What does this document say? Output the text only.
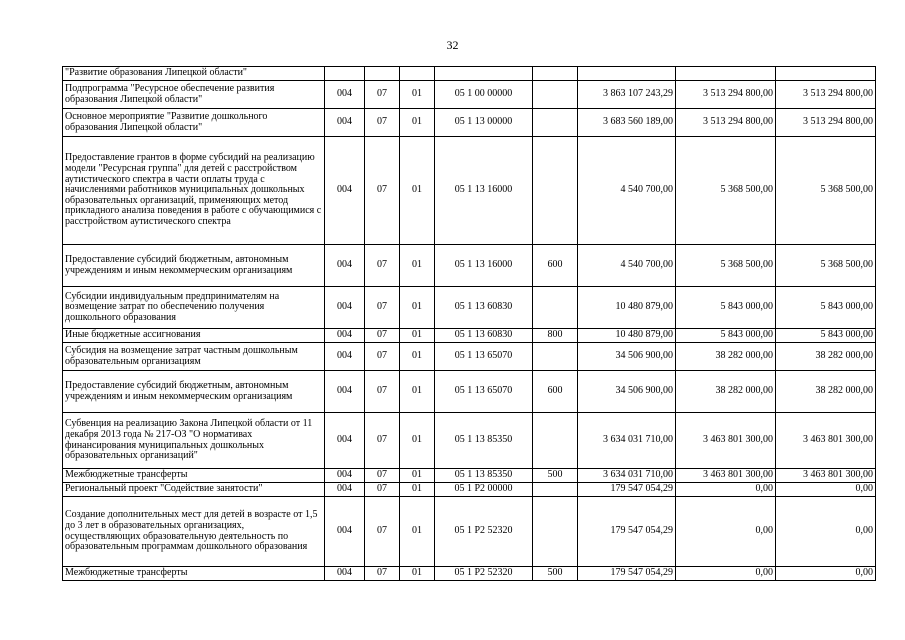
32
"Развитие образования Липецкой области"								
Подпрограмма "Ресурсное обеспечение развития образования Липецкой области"	004	07	01	05 1 00 00000		3 863 107 243,29	3 513 294 800,00	3 513 294 800,00
Основное мероприятие "Развитие дошкольного образования Липецкой области"	004	07	01	05 1 13 00000		3 683 560 189,00	3 513 294 800,00	3 513 294 800,00
Предоставление грантов в форме субсидий на реализацию модели "Ресурсная группа" для детей с расстройством аутистического спектра в части оплаты труда с начислениями работников муниципальных дошкольных образовательных организаций, применяющих метод прикладного анализа поведения в работе с обучающимися с расстройством аутистического спектра	004	07	01	05 1 13 16000		4 540 700,00	5 368 500,00	5 368 500,00
Предоставление субсидий бюджетным, автономным учреждениям и иным некоммерческим организациям	004	07	01	05 1 13 16000	600	4 540 700,00	5 368 500,00	5 368 500,00
Субсидии индивидуальным предпринимателям на возмещение затрат по обеспечению получения дошкольного образования	004	07	01	05 1 13 60830		10 480 879,00	5 843 000,00	5 843 000,00
Иные бюджетные ассигнования	004	07	01	05 1 13 60830	800	10 480 879,00	5 843 000,00	5 843 000,00
Субсидия на возмещение затрат частным дошкольным образовательным организациям	004	07	01	05 1 13 65070		34 506 900,00	38 282 000,00	38 282 000,00
Предоставление субсидий бюджетным, автономным учреждениям и иным некоммерческим организациям	004	07	01	05 1 13 65070	600	34 506 900,00	38 282 000,00	38 282 000,00
Субвенция на реализацию Закона Липецкой области от 11 декабря 2013 года № 217-ОЗ "О нормативах финансирования муниципальных дошкольных образовательных организаций"	004	07	01	05 1 13 85350		3 634 031 710,00	3 463 801 300,00	3 463 801 300,00
Межбюджетные трансферты	004	07	01	05 1 13 85350	500	3 634 031 710,00	3 463 801 300,00	3 463 801 300,00
Региональный проект "Содействие занятости"	004	07	01	05 1 P2 00000		179 547 054,29	0,00	0,00
Создание дополнительных мест для детей в возрасте от 1,5 до 3 лет в образовательных организациях, осуществляющих образовательную деятельность по образовательным программам дошкольного образования	004	07	01	05 1 P2 52320		179 547 054,29	0,00	0,00
Межбюджетные трансферты	004	07	01	05 1 P2 52320	500	179 547 054,29	0,00	0,00
